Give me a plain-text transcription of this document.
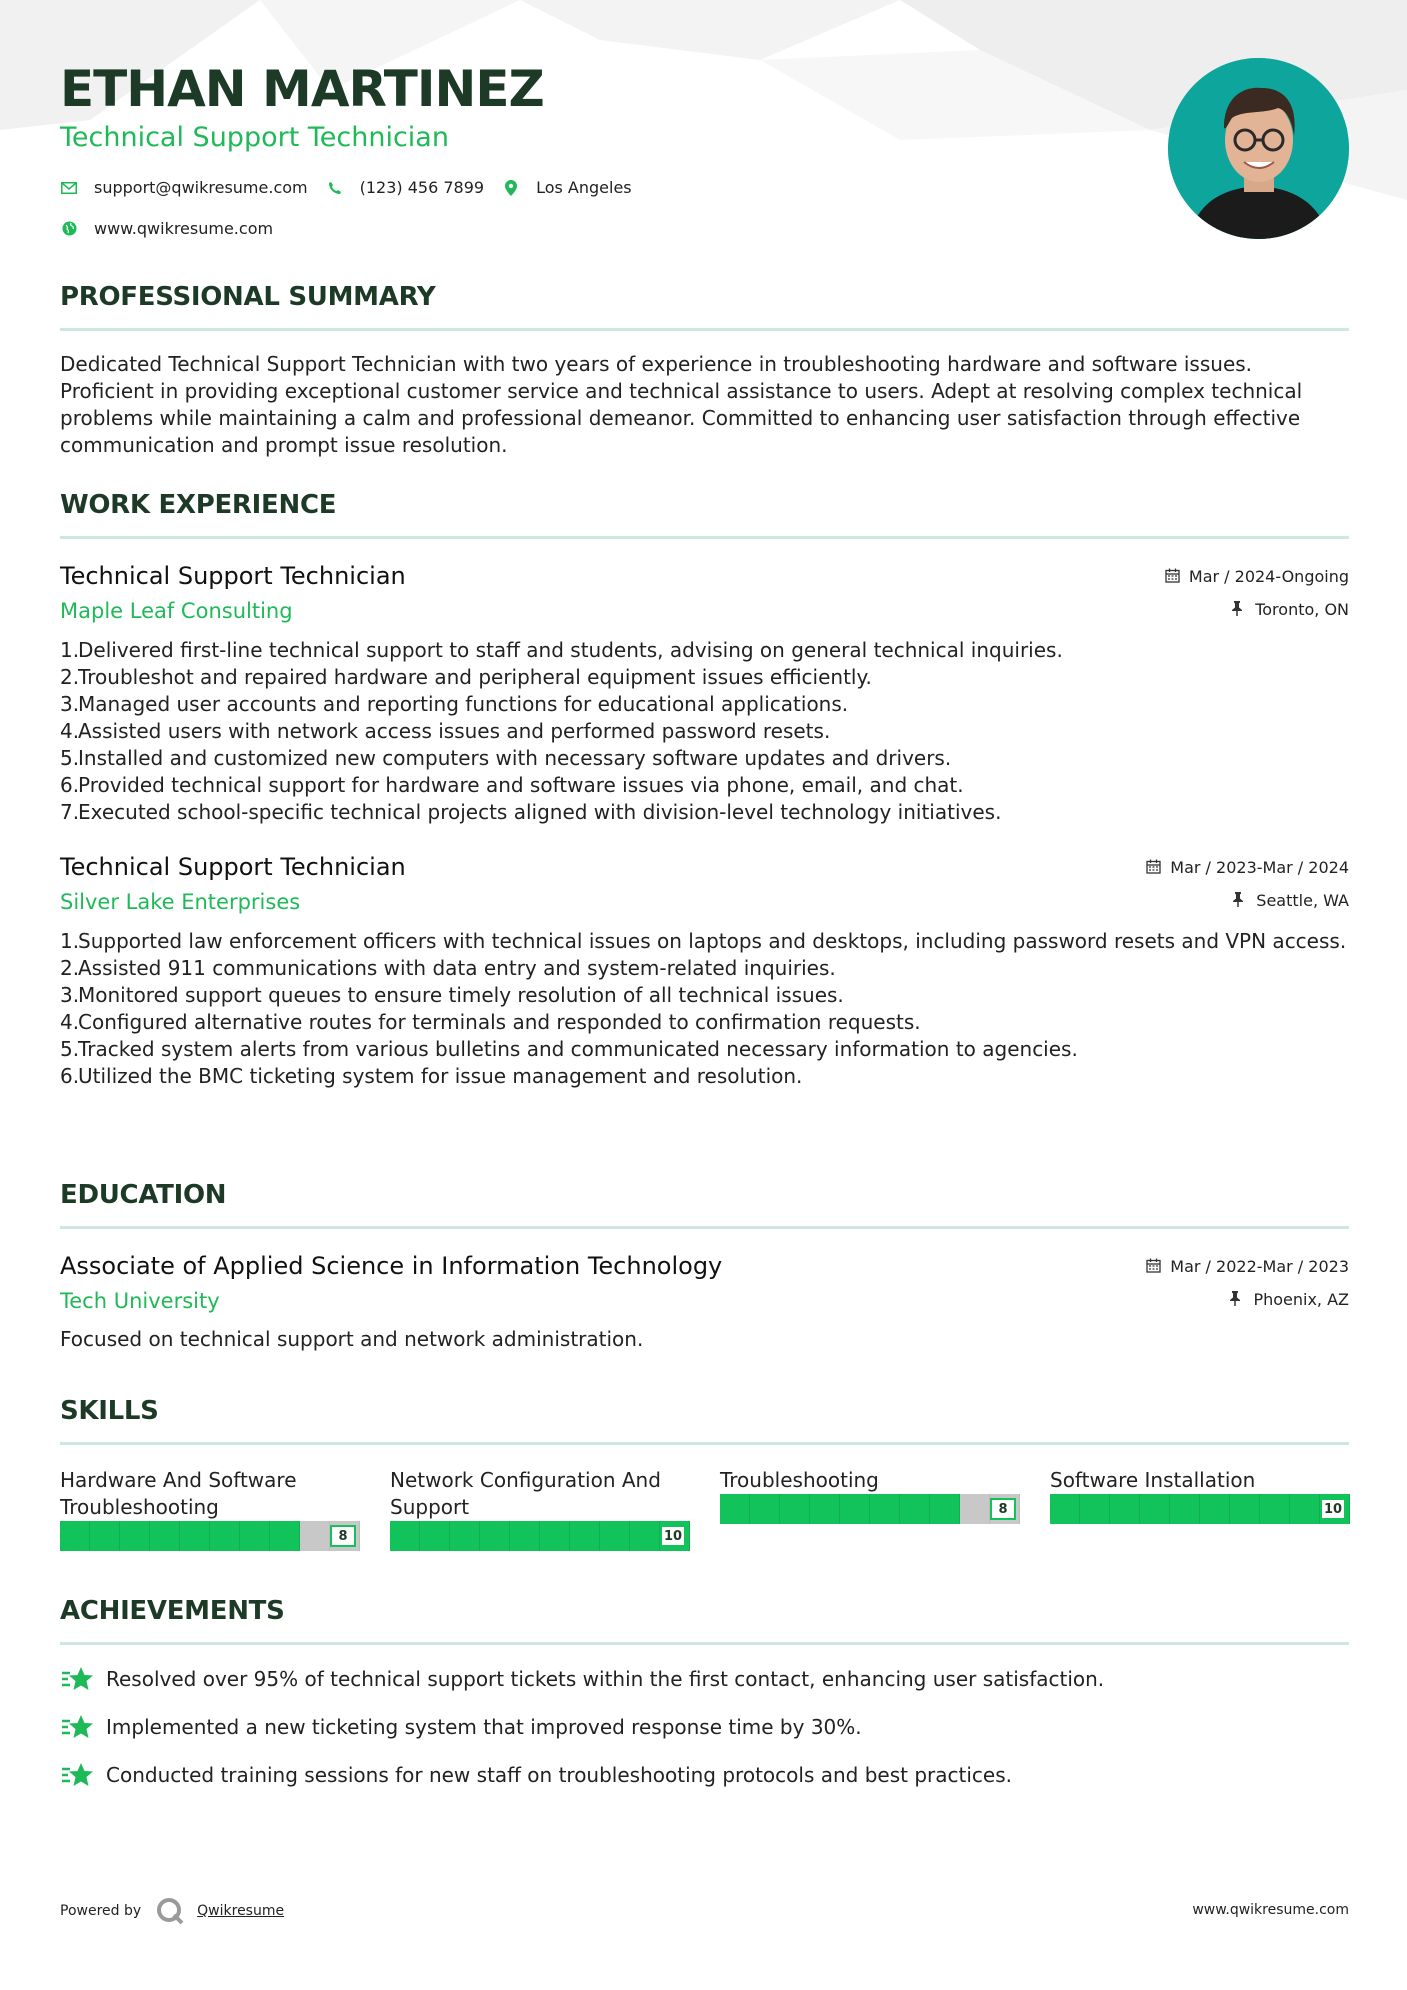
ETHAN MARTINEZ
Technical Support Technician
support@qwikresume.com	(123) 456 7899	Los Angeles
www.qwikresume.com
PROFESSIONAL SUMMARY
Dedicated Technical Support Technician with two years of experience in troubleshooting hardware and software issues. Proficient in providing exceptional customer service and technical assistance to users. Adept at resolving complex technical problems while maintaining a calm and professional demeanor. Committed to enhancing user satisfaction through effective communication and prompt issue resolution.
WORK EXPERIENCE
Technical Support Technician
Maple Leaf Consulting
Mar / 2024-Ongoing
Toronto, ON
1.
Delivered first-line technical support to staff and students, advising on general technical inquiries.
2.
Troubleshot and repaired hardware and peripheral equipment issues efficiently.
3.
Managed user accounts and reporting functions for educational applications.
4.
Assisted users with network access issues and performed password resets.
5.
Installed and customized new computers with necessary software updates and drivers.
6.
Provided technical support for hardware and software issues via phone, email, and chat.
7.
Executed school-specific technical projects aligned with division-level technology initiatives.
Technical Support Technician
Silver Lake Enterprises
Mar / 2023-Mar / 2024
Seattle, WA
1.
Supported law enforcement officers with technical issues on laptops and desktops, including password resets and VPN access.
2.
Assisted 911 communications with data entry and system-related inquiries.
3.
Monitored support queues to ensure timely resolution of all technical issues.
4.
Configured alternative routes for terminals and responded to confirmation requests.
5.
Tracked system alerts from various bulletins and communicated necessary information to agencies.
6.
Utilized the BMC ticketing system for issue management and resolution.
EDUCATION
Associate of Applied Science in Information Technology
Tech University
Mar / 2022-Mar / 2023
Phoenix, AZ
Focused on technical support and network administration.
SKILLS
Hardware And Software Troubleshooting
8
Network Configuration And Support
10
Troubleshooting
8
Software Installation
10
ACHIEVEMENTS
Resolved over 95% of technical support tickets within the first contact, enhancing user satisfaction.
Implemented a new ticketing system that improved response time by 30%.
Conducted training sessions for new staff on troubleshooting protocols and best practices.
Powered by	Qwikresume	www.qwikresume.com
